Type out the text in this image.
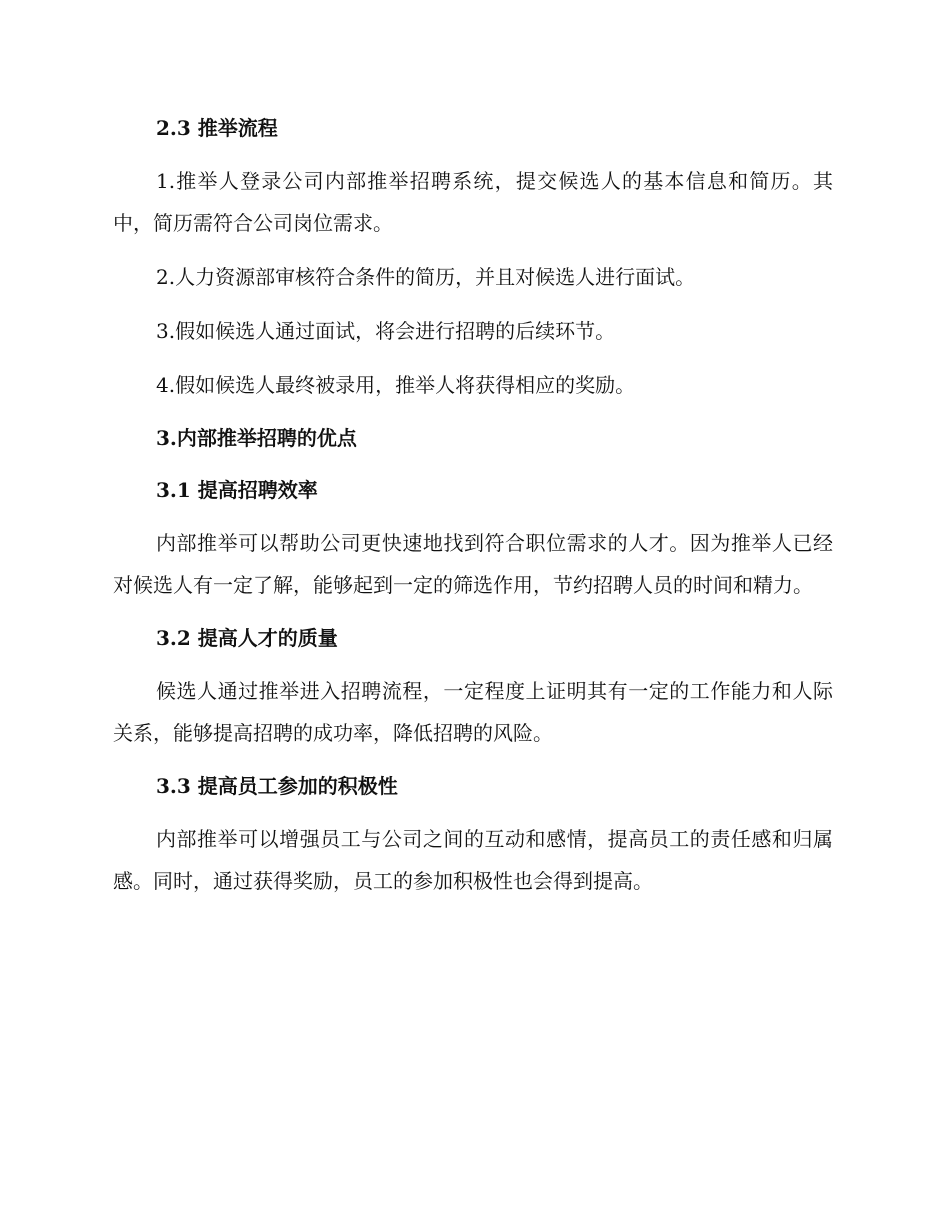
2.3 推举流程

1.推举人登录公司内部推举招聘系统，提交候选人的基本信息和简历。其中，简历需符合公司岗位需求。

2.人力资源部审核符合条件的简历，并且对候选人进行面试。

3.假如候选人通过面试，将会进行招聘的后续环节。

4.假如候选人最终被录用，推举人将获得相应的奖励。

3.内部推举招聘的优点
3.1 提高招聘效率

内部推举可以帮助公司更快速地找到符合职位需求的人才。因为推举人已经对候选人有一定了解，能够起到一定的筛选作用，节约招聘人员的时间和精力。

3.2 提高人才的质量

候选人通过推举进入招聘流程，一定程度上证明其有一定的工作能力和人际关系，能够提高招聘的成功率，降低招聘的风险。

3.3 提高员工参加的积极性

内部推举可以增强员工与公司之间的互动和感情，提高员工的责任感和归属感。同时，通过获得奖励，员工的参加积极性也会得到提高。
